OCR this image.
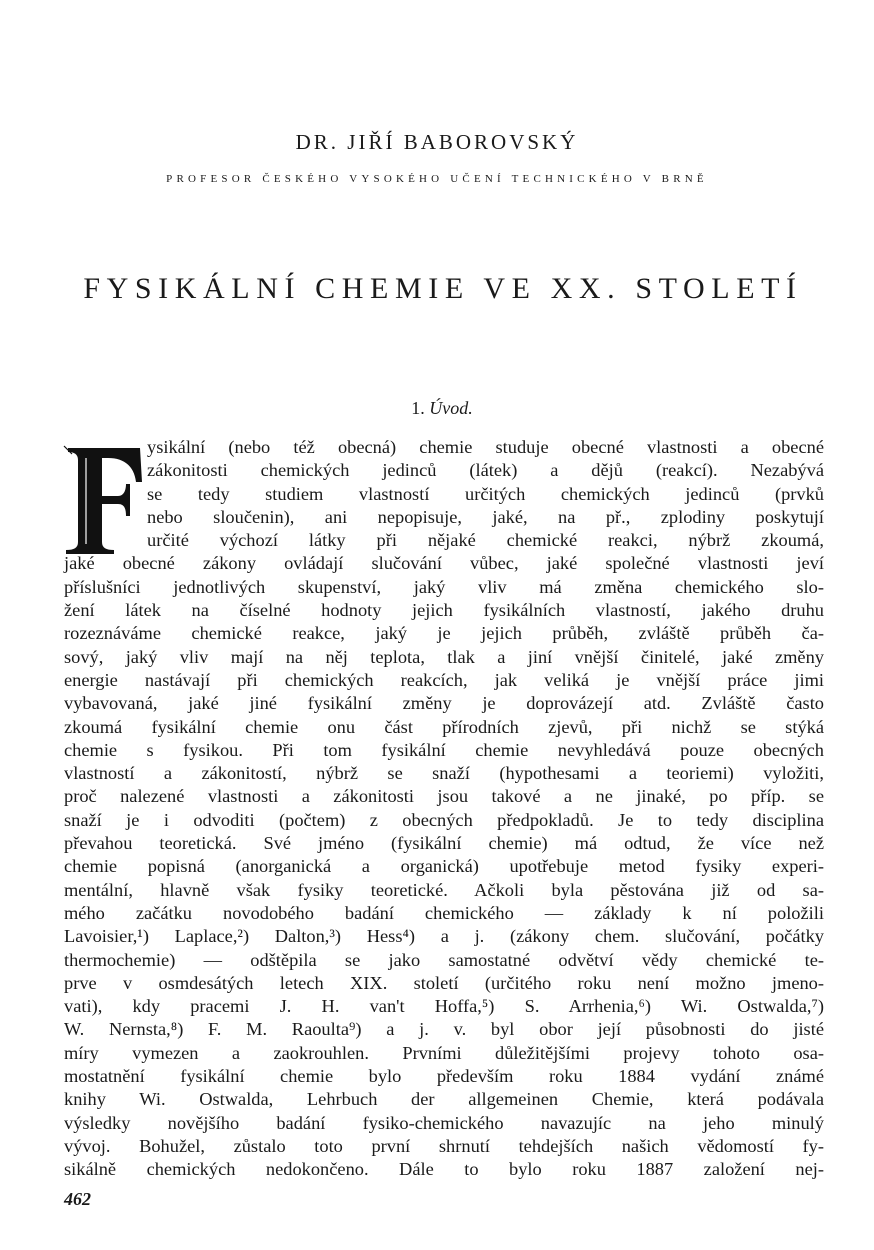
DR. JIŘÍ BABOROVSKÝ
PROFESOR ČESKÉHO VYSOKÉHO UČENÍ TECHNICKÉHO V BRNĚ
FYSIKÁLNÍ CHEMIE VE XX. STOLETÍ
1. Úvod.
ysikální (nebo též obecná) chemie studuje obecné vlastnosti a obecné
zákonitosti chemických jedinců (látek) a dějů (reakcí). Nezabývá
se tedy studiem vlastností určitých chemických jedinců (prvků
nebo sloučenin), ani nepopisuje, jaké, na př., zplodiny poskytují
určité výchozí látky při nějaké chemické reakci, nýbrž zkoumá,
jaké obecné zákony ovládají slučování vůbec, jaké společné vlastnosti jeví
příslušníci jednotlivých skupenství, jaký vliv má změna chemického slo-
žení látek na číselné hodnoty jejich fysikálních vlastností, jakého druhu
rozeznáváme chemické reakce, jaký je jejich průběh, zvláště průběh ča-
sový, jaký vliv mají na něj teplota, tlak a jiní vnější činitelé, jaké změny
energie nastávají při chemických reakcích, jak veliká je vnější práce jimi
vybavovaná, jaké jiné fysikální změny je doprovázejí atd. Zvláště často
zkoumá fysikální chemie onu část přírodních zjevů, při nichž se stýká
chemie s fysikou. Při tom fysikální chemie nevyhledává pouze obecných
vlastností a zákonitostí, nýbrž se snaží (hypothesami a teoriemi) vyložiti,
proč nalezené vlastnosti a zákonitosti jsou takové a ne jinaké, po příp. se
snaží je i odvoditi (počtem) z obecných předpokladů. Je to tedy disciplina
převahou teoretická. Své jméno (fysikální chemie) má odtud, že více než
chemie popisná (anorganická a organická) upotřebuje metod fysiky experi-
mentální, hlavně však fysiky teoretické. Ačkoli byla pěstována již od sa-
mého začátku novodobého badání chemického — základy k ní položili
Lavoisier,¹) Laplace,²) Dalton,³) Hess⁴) a j. (zákony chem. slučování, počátky
thermochemie) — odštěpila se jako samostatné odvětví vědy chemické te-
prve v osmdesátých letech XIX. století (určitého roku není možno jmeno-
vati), kdy pracemi J. H. van't Hoffa,⁵) S. Arrhenia,⁶) Wi. Ostwalda,⁷)
W. Nernsta,⁸) F. M. Raoulta⁹) a j. v. byl obor její působnosti do jisté
míry vymezen a zaokrouhlen. Prvními důležitějšími projevy tohoto osa-
mostatnění fysikální chemie bylo především roku 1884 vydání známé
knihy Wi. Ostwalda, Lehrbuch der allgemeinen Chemie, která podávala
výsledky novějšího badání fysiko-chemického navazujíc na jeho minulý
vývoj. Bohužel, zůstalo toto první shrnutí tehdejších našich vědomostí fy-
sikálně chemických nedokončeno. Dále to bylo roku 1887 založení nej-
462
